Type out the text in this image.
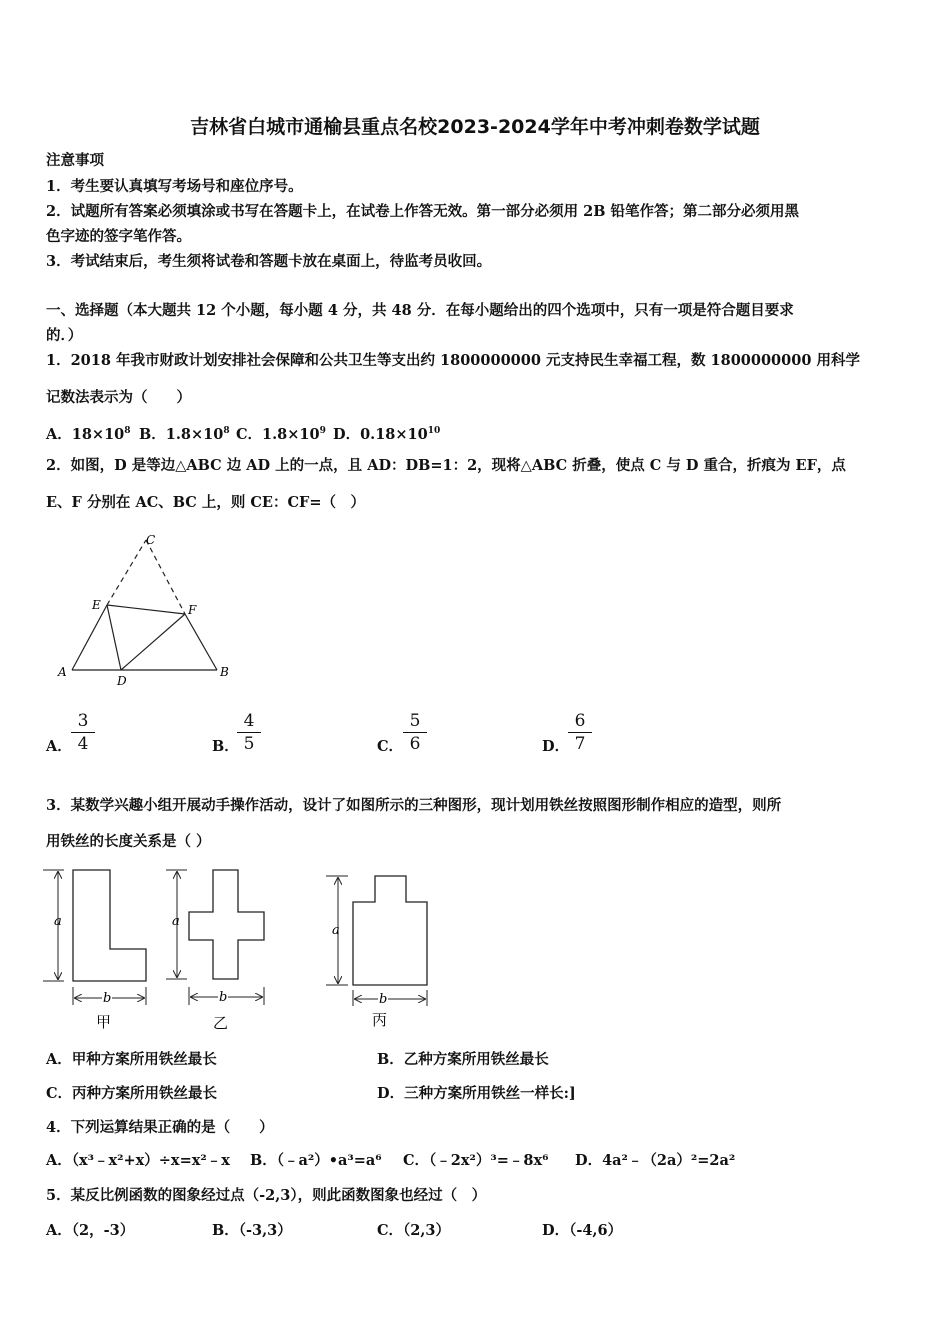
吉林省白城市通榆县重点名校2023-2024学年中考冲刺卷数学试题
注意事项
1．考生要认真填写考场号和座位序号。
2．试题所有答案必须填涂或书写在答题卡上，在试卷上作答无效。第一部分必须用 2B 铅笔作答；第二部分必须用黑
色字迹的签字笔作答。
3．考试结束后，考生须将试卷和答题卡放在桌面上，待监考员收回。
一、选择题（本大题共 12 个小题，每小题 4 分，共 48 分．在每小题给出的四个选项中，只有一项是符合题目要求
的．）
1．2018 年我市财政计划安排社会保障和公共卫生等支出约 1800000000 元支持民生幸福工程，数 1800000000 用科学
记数法表示为（　　）
A．$18\times 10^8$ B．$1.8\times 10^8$ C．$1.8\times 10^9$ D．$0.18\times 10^{10}$
2．如图，D 是等边△ABC 边 AD 上的一点，且 AD：DB=1：2，现将△ABC 折叠，使点 C 与 D 重合，折痕为 EF，点
E、F 分别在 AC、BC 上，则 CE：CF=（　）
A	B
C
D
E	F
A．
3
4	B．
4
5	C．
5
6	D．
6
7
3．某数学兴趣小组开展动手操作活动，设计了如图所示的三种图形，现计划用铁丝按照图形制作相应的造型，则所
用铁丝的长度关系是（ ）
a
b
甲
a
b
乙
a
b
丙
A．甲种方案所用铁丝最长	B．乙种方案所用铁丝最长
C．丙种方案所用铁丝最长	D．三种方案所用铁丝一样长:]
4．下列运算结果正确的是（　　）
A．（x³﹣x²+x）÷x=x²﹣x B．（﹣a²）•a³=a⁶ C．（﹣2x²）³=﹣8x⁶ D．4a²﹣（2a）²=2a²
5．某反比例函数的图象经过点（-2,3），则此函数图象也经过（　）
A．（2，-3）	B．（-3,3）	C．（2,3）	D．（-4,6）
